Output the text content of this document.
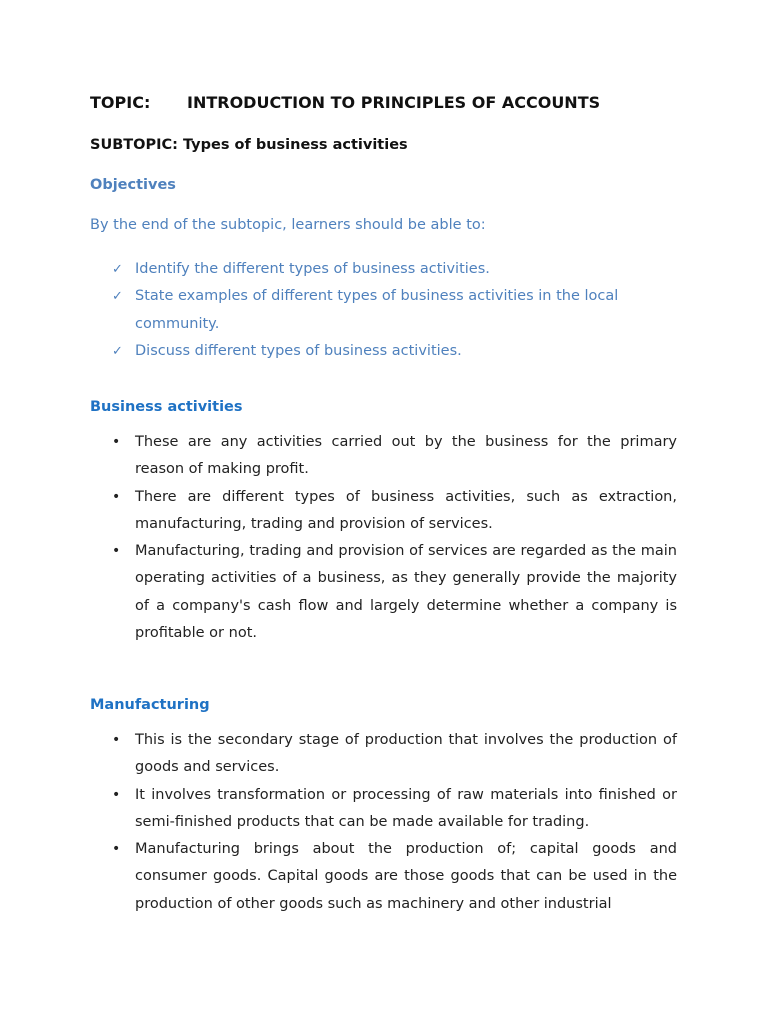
TOPIC: INTRODUCTION TO PRINCIPLES OF ACCOUNTS
SUBTOPIC: Types of business activities
Objectives
By the end of the subtopic, learners should be able to:
✓ Identify the different types of business activities.
✓ State examples of different types of business activities in the local community.
✓ Discuss different types of business activities.
Business activities
• These are any activities carried out by the business for the primary reason of making profit.
• There are different types of business activities, such as extraction, manufacturing, trading and provision of services.
• Manufacturing, trading and provision of services are regarded as the main operating activities of a business, as they generally provide the majority of a company's cash flow and largely determine whether a company is profitable or not.
Manufacturing
• This is the secondary stage of production that involves the production of goods and services.
• It involves transformation or processing of raw materials into finished or semi-finished products that can be made available for trading.
• Manufacturing brings about the production of; capital goods and consumer goods. Capital goods are those goods that can be used in the production of other goods such as machinery and other industrial
